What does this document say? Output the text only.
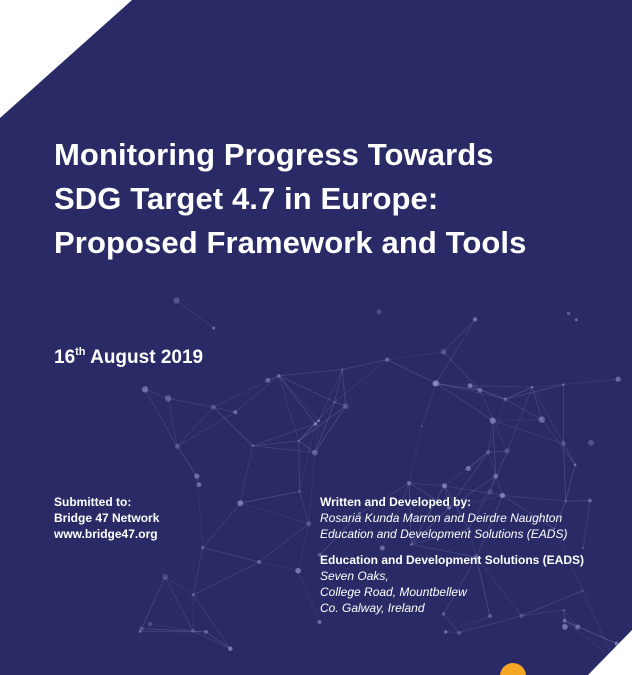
Monitoring Progress Towards
SDG Target 4.7 in Europe:
Proposed Framework and Tools
16th August 2019
Submitted to:
Bridge 47 Network
www.bridge47.org
Written and Developed by:
Rosaria Kunda Marron and Deirdre Naughton
Education and Development Solutions (EADS)
Education and Development Solutions (EADS)
Seven Oaks,
College Road, Mountbellew
Co. Galway, Ireland
